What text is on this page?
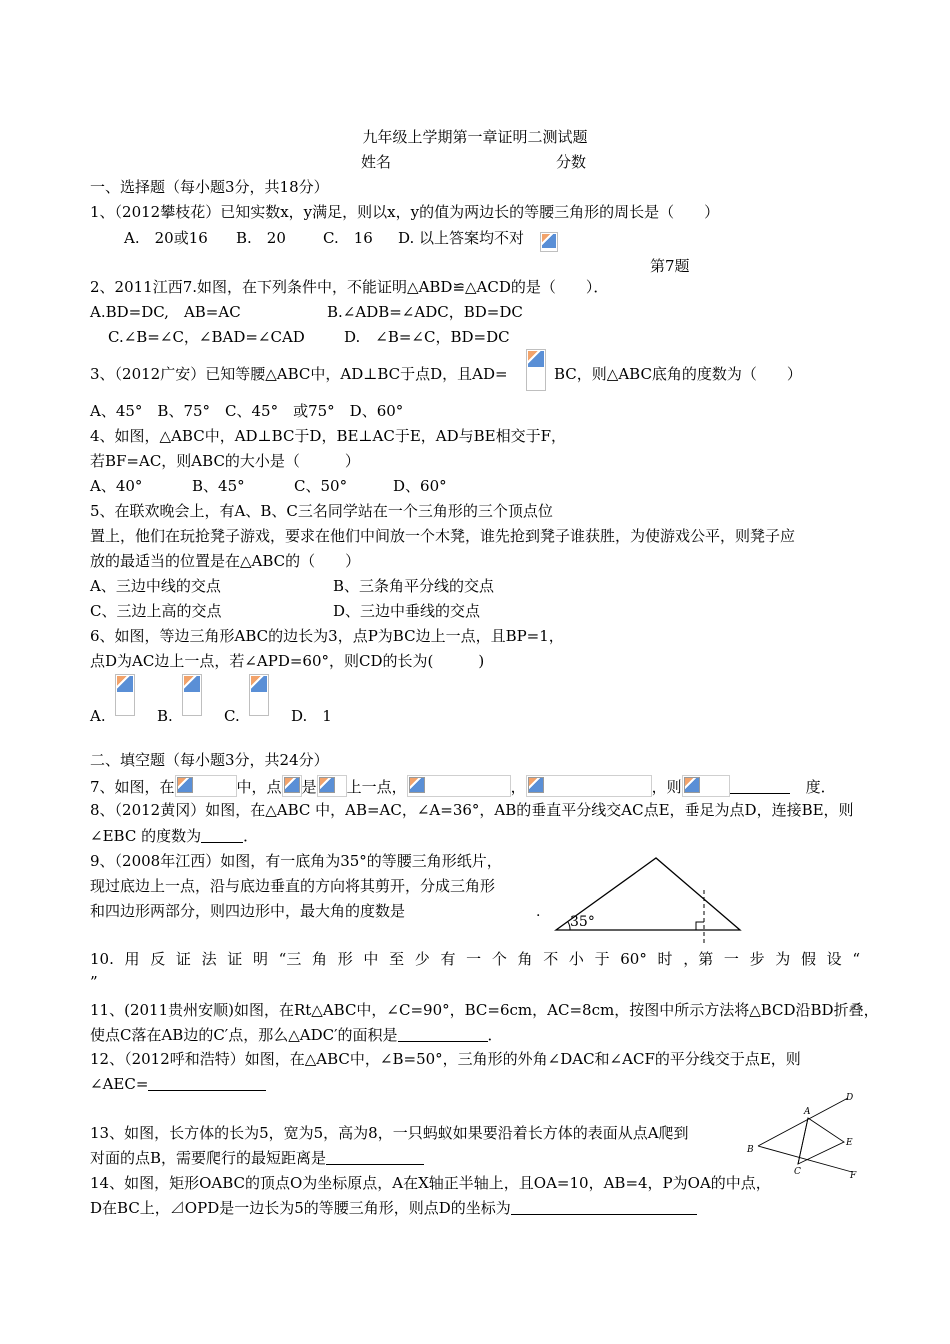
九年级上学期第一章证明二测试题
姓名	分数
一、选择题（每小题3分，共18分）
1、（2012攀枝花）已知实数x，y满足，则以x，y的值为两边长的等腰三角形的周长是（　　）
A.　20或16 B.　20 C.　16 D. 以上答案均不对
第7题
2、2011江西7.如图，在下列条件中，不能证明△ABD≌△ACD的是（　　）．
A.BD=DC,　AB=AC	B.∠ADB=∠ADC，BD=DC
C.∠B=∠C，∠BAD=∠CAD	D.　∠B=∠C，BD=DC
3、（2012广安）已知等腰△ABC中，AD⊥BC于点D，且AD=	BC，则△ABC底角的度数为（　　）
A、45°　B、75°　C、45°　或75°　D、60°
4、如图，△ABC中，AD⊥BC于D，BE⊥AC于E，AD与BE相交于F，
若BF=AC，则ABC的大小是（　　　）
A、40°	B、45°	C、50°	D、60°
5、在联欢晚会上，有A、B、C三名同学站在一个三角形的三个顶点位
置上，他们在玩抢凳子游戏，要求在他们中间放一个木凳，谁先抢到凳子谁获胜，为使游戏公平，则凳子应
放的最适当的位置是在△ABC的（　　）
A、三边中线的交点	B、三条角平分线的交点
C、三边上高的交点	D、三边中垂线的交点
6、如图，等边三角形ABC的边长为3，点P为BC边上一点，且BP=1，
点D为AC边上一点，若∠APD=60°，则CD的长为(　　　)
A.	B.	C.	D.　1
二、填空题（每小题3分，共24分）
7、如图，在	中，点 是 上一点，	，	，则	度．
8、（2012黄冈）如图，在△ABC 中，AB=AC，∠A=36°，AB的垂直平分线交AC点E，垂足为点D，连接BE，则
∠EBC 的度数为	．
9、（2008年江西）如图，有一底角为35°的等腰三角形纸片，
现过底边上一点，沿与底边垂直的方向将其剪开，分成三角形
和四边形两部分，则四边形中，最大角的度数是
35°
.
10. 用 反 证 法 证 明 “三 角 形 中 至 少 有 一 个 角 不 小 于 60° 时 ，第 一 步 为 假 设 “
”
11、(2011贵州安顺)如图，在Rt△ABC中，∠C=90°，BC=6cm，AC=8cm，按图中所示方法将△BCD沿BD折叠，
使点C落在AB边的C′点，那么△ADC′的面积是	．
12、（2012呼和浩特）如图，在△ABC中，∠B=50°，三角形的外角∠DAC和∠ACF的平分线交于点E，则
∠AEC=
A
B
C
D
E
F
13、如图，长方体的长为5，宽为5，高为8，一只蚂蚁如果要沿着长方体的表面从点A爬到
对面的点B，需要爬行的最短距离是
14、如图，矩形OABC的顶点O为坐标原点，A在X轴正半轴上，且OA=10，AB=4，P为OA的中点，
D在BC上，⊿OPD是一边长为5的等腰三角形，则点D的坐标为
